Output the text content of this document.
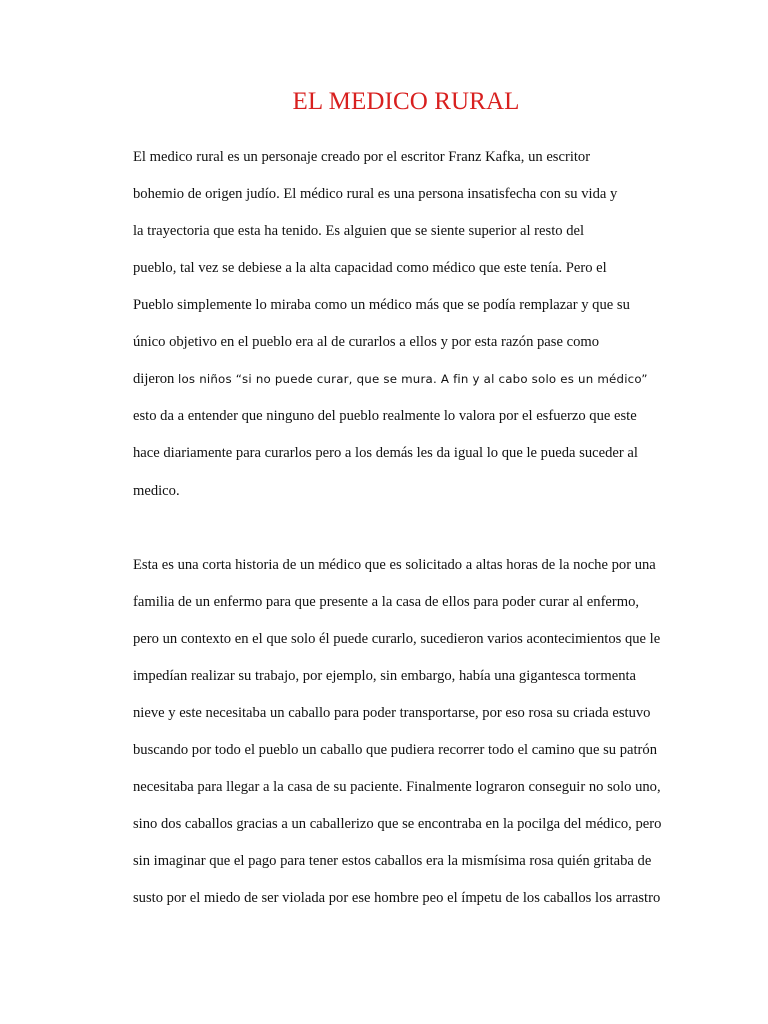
EL MEDICO RURAL
El medico rural es un personaje creado por el escritor Franz Kafka, un escritor
bohemio de origen judío. El médico rural es una persona insatisfecha con su vida y
la trayectoria que esta ha tenido. Es alguien que se siente superior al resto del
pueblo, tal vez se debiese a la alta capacidad como médico que este tenía. Pero el
Pueblo simplemente lo miraba como un médico más que se podía remplazar y que su
único objetivo en el pueblo era al de curarlos a ellos y por esta razón pase como
dijeron los niños “si no puede curar, que se mura. A fin y al cabo solo es un médico”
esto da a entender que ninguno del pueblo realmente lo valora por el esfuerzo que este
hace diariamente para curarlos pero a los demás les da igual lo que le pueda suceder al
medico.
Esta es una corta historia de un médico que es solicitado a altas horas de la noche por una
familia de un enfermo para que presente a la casa de ellos para poder curar al enfermo,
pero un contexto en el que solo él puede curarlo, sucedieron varios acontecimientos que le
impedían realizar su trabajo, por ejemplo, sin embargo, había una gigantesca tormenta
nieve y este necesitaba un caballo para poder transportarse, por eso rosa su criada estuvo
buscando por todo el pueblo un caballo que pudiera recorrer todo el camino que su patrón
necesitaba para llegar a la casa de su paciente. Finalmente lograron conseguir no solo uno,
sino dos caballos gracias a un caballerizo que se encontraba en la pocilga del médico, pero
sin imaginar que el pago para tener estos caballos era la mismísima rosa quién gritaba de
susto por el miedo de ser violada por ese hombre peo el ímpetu de los caballos los arrastro
